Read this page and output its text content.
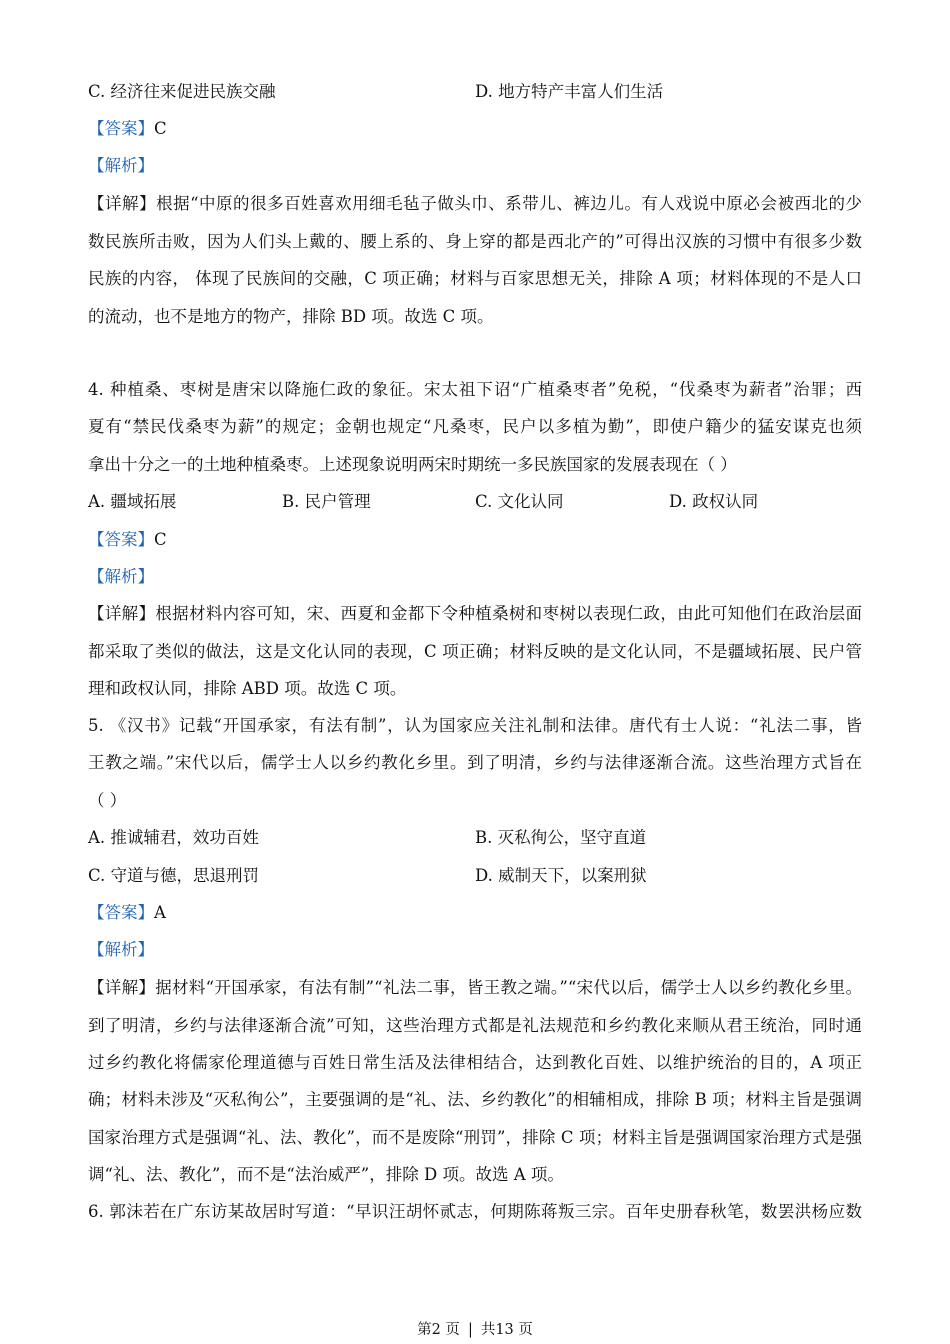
C. 经济往来促进民族交融	D. 地方特产丰富人们生活
【答案】C
【解析】
【详解】根据“中原的很多百姓喜欢用细毛毡子做头巾、系带儿、裤边儿。有人戏说中原必会被西北的少
数民族所击败，因为人们头上戴的、腰上系的、身上穿的都是西北产的”可得出汉族的习惯中有很多少数
民族的内容， 体现了民族间的交融，C 项正确；材料与百家思想无关，排除 A 项；材料体现的不是人口
的流动，也不是地方的物产，排除 BD 项。故选 C 项。
4. 种植桑、枣树是唐宋以降施仁政的象征。宋太祖下诏“广植桑枣者”免税，“伐桑枣为薪者”治罪；西
夏有“禁民伐桑枣为薪”的规定；金朝也规定“凡桑枣，民户以多植为勤”，即使户籍少的猛安谋克也须
拿出十分之一的土地种植桑枣。上述现象说明两宋时期统一多民族国家的发展表现在（ ）
A. 疆域拓展	B. 民户管理	C. 文化认同	D. 政权认同
【答案】C
【解析】
【详解】根据材料内容可知，宋、西夏和金都下令种植桑树和枣树以表现仁政，由此可知他们在政治层面
都采取了类似的做法，这是文化认同的表现，C 项正确；材料反映的是文化认同，不是疆域拓展、民户管
理和政权认同，排除 ABD 项。故选 C 项。
5. 《汉书》记载“开国承家，有法有制”，认为国家应关注礼制和法律。唐代有士人说：“礼法二事，皆
王教之端。”宋代以后，儒学士人以乡约教化乡里。到了明清，乡约与法律逐渐合流。这些治理方式旨在
（ ）
A. 推诚辅君，效功百姓	B. 灭私徇公，坚守直道
C. 守道与德，思退刑罚	D. 威制天下，以案刑狱
【答案】A
【解析】
【详解】据材料“开国承家，有法有制”“礼法二事，皆王教之端。”“宋代以后，儒学士人以乡约教化乡里。
到了明清，乡约与法律逐渐合流”可知，这些治理方式都是礼法规范和乡约教化来顺从君王统治，同时通
过乡约教化将儒家伦理道德与百姓日常生活及法律相结合，达到教化百姓、以维护统治的目的，A 项正
确；材料未涉及“灭私徇公”，主要强调的是“礼、法、乡约教化”的相辅相成，排除 B 项；材料主旨是强调
国家治理方式是强调“礼、法、教化”，而不是废除“刑罚”，排除 C 项；材料主旨是强调国家治理方式是强
调“礼、法、教化”，而不是“法治威严”，排除 D 项。故选 A 项。
6. 郭沫若在广东访某故居时写道：“早识汪胡怀贰志，何期陈蒋叛三宗。百年史册春秋笔，数罢洪杨应数
第2 页 | 共13 页
